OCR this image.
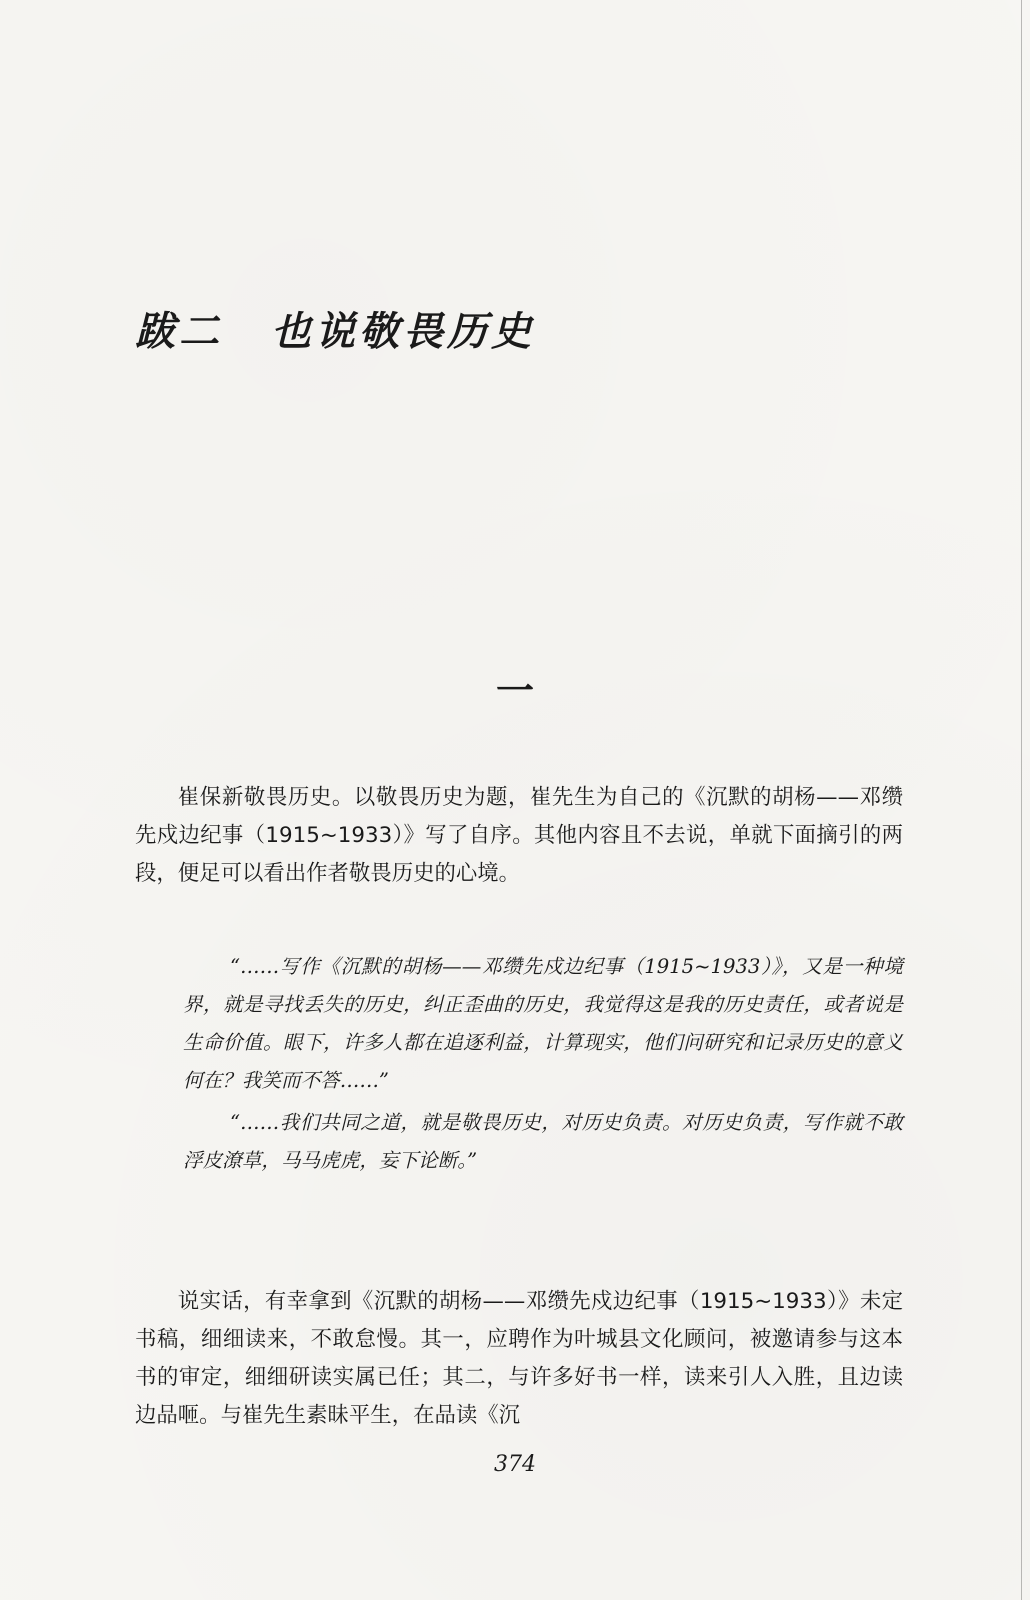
跋二 也说敬畏历史
一

崔保新敬畏历史。以敬畏历史为题，崔先生为自己的《沉默的胡杨——邓缵先戍边纪事（1915~1933）》写了自序。其他内容且不去说，单就下面摘引的两段，便足可以看出作者敬畏历史的心境。

“……写作《沉默的胡杨——邓缵先戍边纪事（1915~1933）》，又是一种境界，就是寻找丢失的历史，纠正歪曲的历史，我觉得这是我的历史责任，或者说是生命价值。眼下，许多人都在追逐利益，计算现实，他们问研究和记录历史的意义何在？我笑而不答……”

“……我们共同之道，就是敬畏历史，对历史负责。对历史负责，写作就不敢浮皮潦草，马马虎虎，妄下论断。”

说实话，有幸拿到《沉默的胡杨——邓缵先戍边纪事（1915~1933）》未定书稿，细细读来，不敢怠慢。其一，应聘作为叶城县文化顾问，被邀请参与这本书的审定，细细研读实属已任；其二，与许多好书一样，读来引人入胜，且边读边品咂。与崔先生素昧平生，在品读《沉

374
